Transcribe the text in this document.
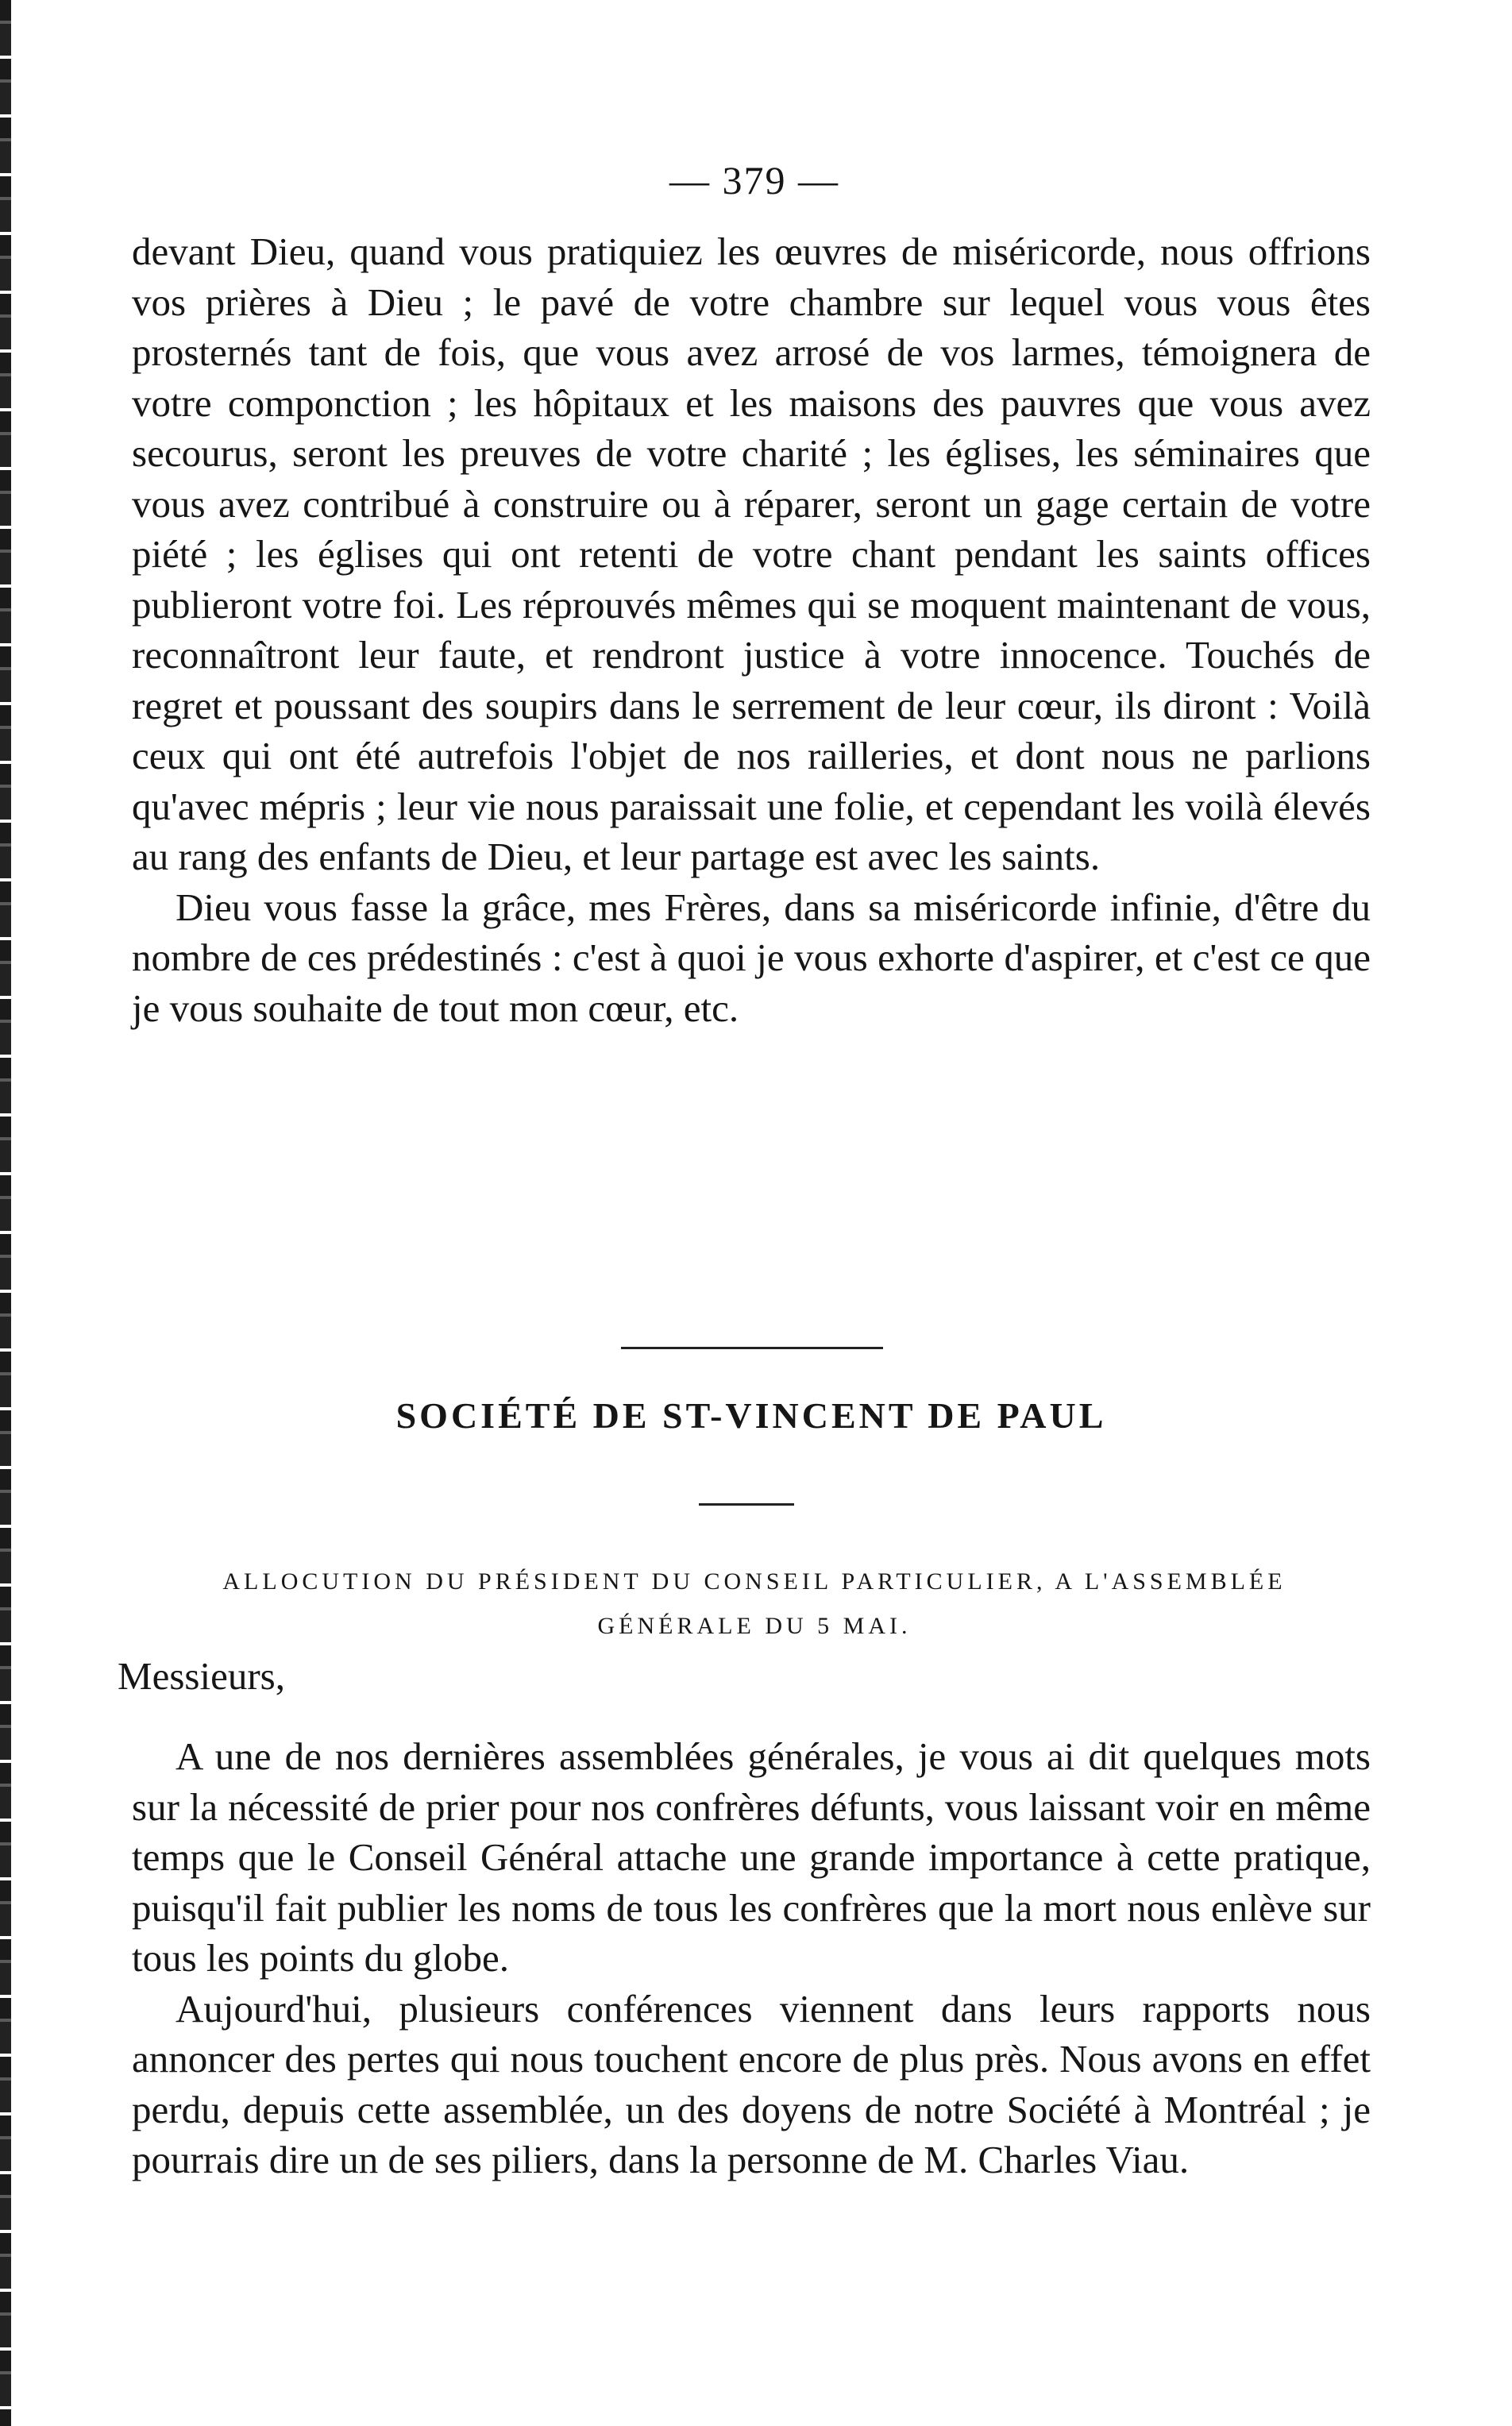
— 379 —

devant Dieu, quand vous pratiquiez les œuvres de miséricorde, nous offrions vos prières à Dieu ; le pavé de votre chambre sur lequel vous vous êtes prosternés tant de fois, que vous avez arrosé de vos larmes, témoignera de votre componction ; les hôpitaux et les maisons des pauvres que vous avez secourus, seront les preuves de votre charité ; les églises, les séminaires que vous avez contribué à construire ou à réparer, seront un gage certain de votre piété ; les églises qui ont retenti de votre chant pendant les saints offices publieront votre foi. Les réprouvés mêmes qui se moquent maintenant de vous, reconnaîtront leur faute, et rendront justice à votre innocence. Touchés de regret et poussant des soupirs dans le serrement de leur cœur, ils diront : Voilà ceux qui ont été autrefois l'objet de nos railleries, et dont nous ne parlions qu'avec mépris ; leur vie nous paraissait une folie, et cependant les voilà élevés au rang des enfants de Dieu, et leur partage est avec les saints.

Dieu vous fasse la grâce, mes Frères, dans sa miséricorde infinie, d'être du nombre de ces prédestinés : c'est à quoi je vous exhorte d'aspirer, et c'est ce que je vous souhaite de tout mon cœur, etc.

SOCIÉTÉ DE ST-VINCENT DE PAUL
ALLOCUTION DU PRÉSIDENT DU CONSEIL PARTICULIER, A L'ASSEMBLÉE
GÉNÉRALE DU 5 MAI.
Messieurs,

A une de nos dernières assemblées générales, je vous ai dit quelques mots sur la nécessité de prier pour nos confrères défunts, vous laissant voir en même temps que le Conseil Général attache une grande importance à cette pratique, puisqu'il fait publier les noms de tous les confrères que la mort nous enlève sur tous les points du globe.

Aujourd'hui, plusieurs conférences viennent dans leurs rapports nous annoncer des pertes qui nous touchent encore de plus près. Nous avons en effet perdu, depuis cette assemblée, un des doyens de notre Société à Montréal ; je pourrais dire un de ses piliers, dans la personne de M. Charles Viau.
